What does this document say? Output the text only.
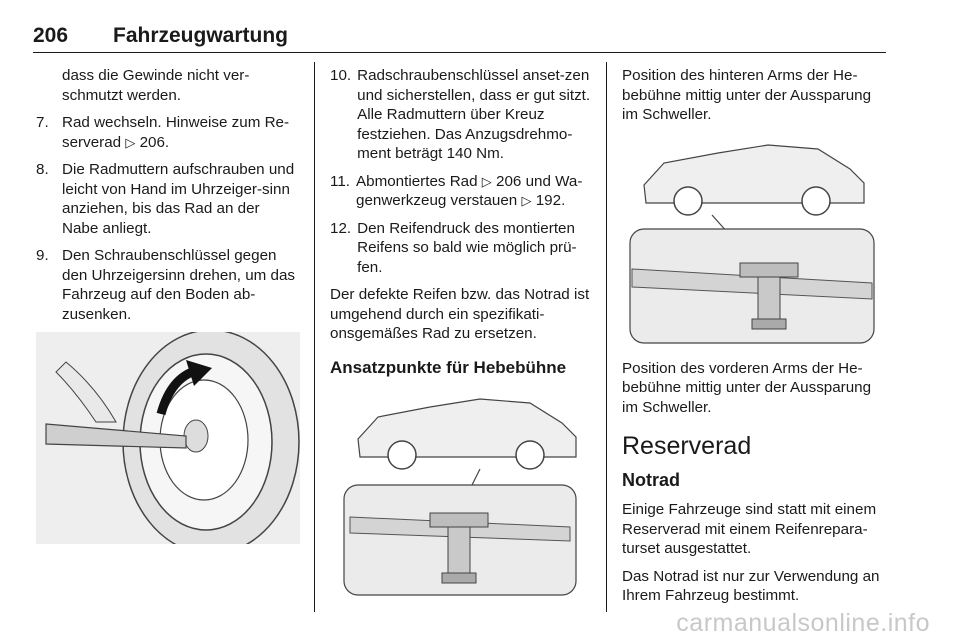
206 Fahrzeugwartung
dass die Gewinde nicht ver-schmutzt werden.
7. Rad wechseln. Hinweise zum Re-serverad ▷ 206.
8. Die Radmuttern aufschrauben und leicht von Hand im Uhrzeiger-sinn anziehen, bis das Rad an der Nabe anliegt.
9. Den Schraubenschlüssel gegen den Uhrzeigersinn drehen, um das Fahrzeug auf den Boden ab-zusenken.
10. Radschraubenschlüssel anset-zen und sicherstellen, dass er gut sitzt. Alle Radmuttern über Kreuz festziehen. Das Anzugsdrehmo-ment beträgt 140 Nm.
11. Abmontiertes Rad ▷ 206 und Wa-genwerkzeug verstauen ▷ 192.
12. Den Reifendruck des montierten Reifens so bald wie möglich prü-fen.

Der defekte Reifen bzw. das Notrad ist umgehend durch ein spezifikati-onsgemäßes Rad zu ersetzen.

Ansatzpunkte für Hebebühne

Position des hinteren Arms der He-bebühne mittig unter der Aussparung im Schweller.

Position des vorderen Arms der He-bebühne mittig unter der Aussparung im Schweller.

Reserverad
Notrad

Einige Fahrzeuge sind statt mit einem Reserverad mit einem Reifenrepara-turset ausgestattet.

Das Notrad ist nur zur Verwendung an Ihrem Fahrzeug bestimmt.

carmanualsonline.info
